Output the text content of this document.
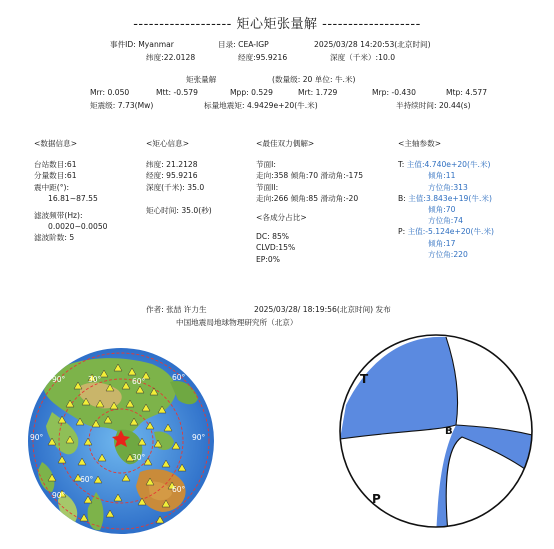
------------------- 矩心矩张量解 -------------------
事件ID: Myanmar	目录: CEA-IGP	2025/03/28 14:20:53(北京时间)
纬度:22.0128	经度:95.9216	深度（千米）:10.0
矩张量解	(数量级: 20 单位: 牛.米)
Mrr: 0.050	Mtt: -0.579	Mpp: 0.529	Mrt: 1.729	Mrp: -0.430	Mtp: 4.577
矩震级: 7.73(Mw)	标量地震矩: 4.9429e+20(牛.米)	半持续时间: 20.44(s)
<数据信息>
台站数目:61
分量数目:61
震中距(°):
16.81~87.55
滤波频带(Hz):
0.0020~0.0050
滤波阶数: 5
<矩心信息>
纬度: 21.2128
经度: 95.9216
深度(千米): 35.0
矩心时间: 35.0(秒)
<最佳双力偶解>
节面I:
走向:358 倾角:70 滑动角:-175
节面II:
走向:266 倾角:85 滑动角:-20
<各成分占比>
DC: 85%
CLVD:15%
EP:0%
<主轴参数>
T: 主值:4.740e+20(牛.米)
倾角:11
方位角:313
B: 主值:3.843e+19(牛.米)
倾角:70
方位角:74
P: 主值:-5.124e+20(牛.米)
倾角:17
方位角:220
作者: 张喆 许力生	2025/03/28/ 18:19:56(北京时间) 发布
中国地震局地球物理研究所（北京）
90°	30°	60°	60°
90°	90°
90°
60°
60°
30°
T
B
P
